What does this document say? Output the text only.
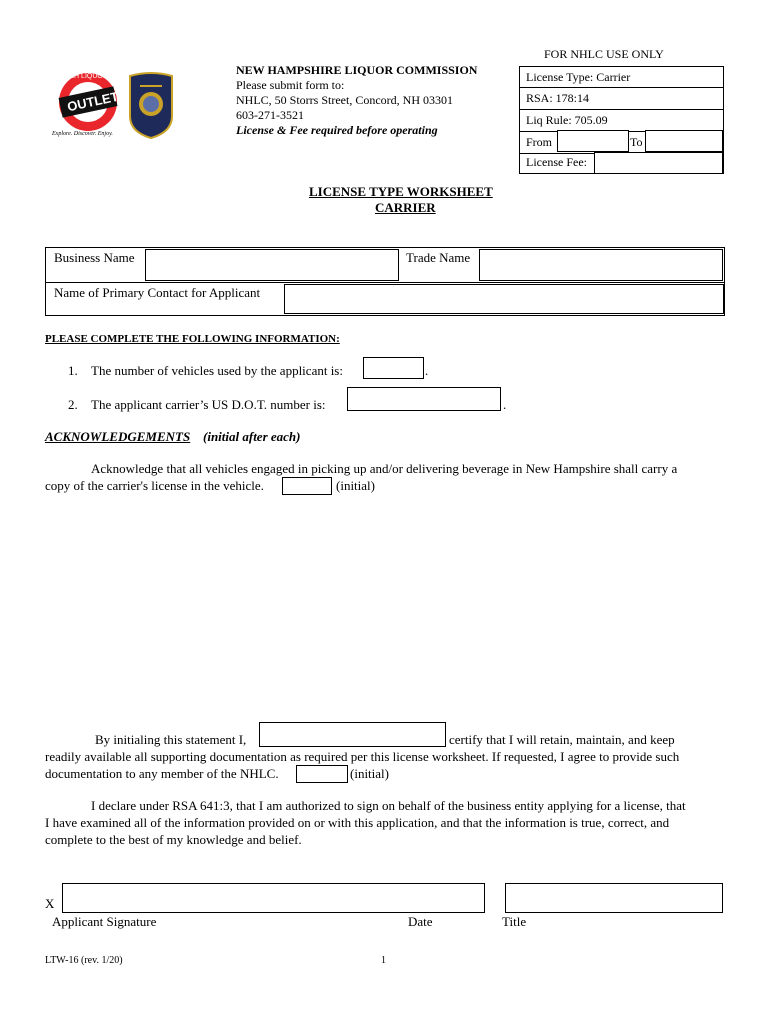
OUTLET
NH LIQUOR
Explore. Discover. Enjoy.
NEW HAMPSHIRE LIQUOR COMMISSION
Please submit form to:
NHLC, 50 Storrs Street, Concord, NH 03301
603-271-3521
License & Fee required before operating
FOR NHLC USE ONLY
License Type: Carrier
RSA: 178:14
Liq Rule: 705.09
From	To
License Fee:
LICENSE TYPE WORKSHEET
CARRIER
Business Name	Trade Name
Name of Primary Contact for Applicant
PLEASE COMPLETE THE FOLLOWING INFORMATION:
1. The number of vehicles used by the applicant is:	.
2. The applicant carrier’s US D.O.T. number is:	.
ACKNOWLEDGEMENTS (initial after each)
Acknowledge that all vehicles engaged in picking up and/or delivering beverage in New Hampshire shall carry a
copy of the carrier's license in the vehicle.	(initial)
By initialing this statement I,	certify that I will retain, maintain, and keep
readily available all supporting documentation as required per this license worksheet. If requested, I agree to provide such
documentation to any member of the NHLC.	(initial)
I declare under RSA 641:3, that I am authorized to sign on behalf of the business entity applying for a license, that
I have examined all of the information provided on or with this application, and that the information is true, correct, and
complete to the best of my knowledge and belief.
X
Applicant Signature	Date	Title
LTW-16 (rev. 1/20)	1
